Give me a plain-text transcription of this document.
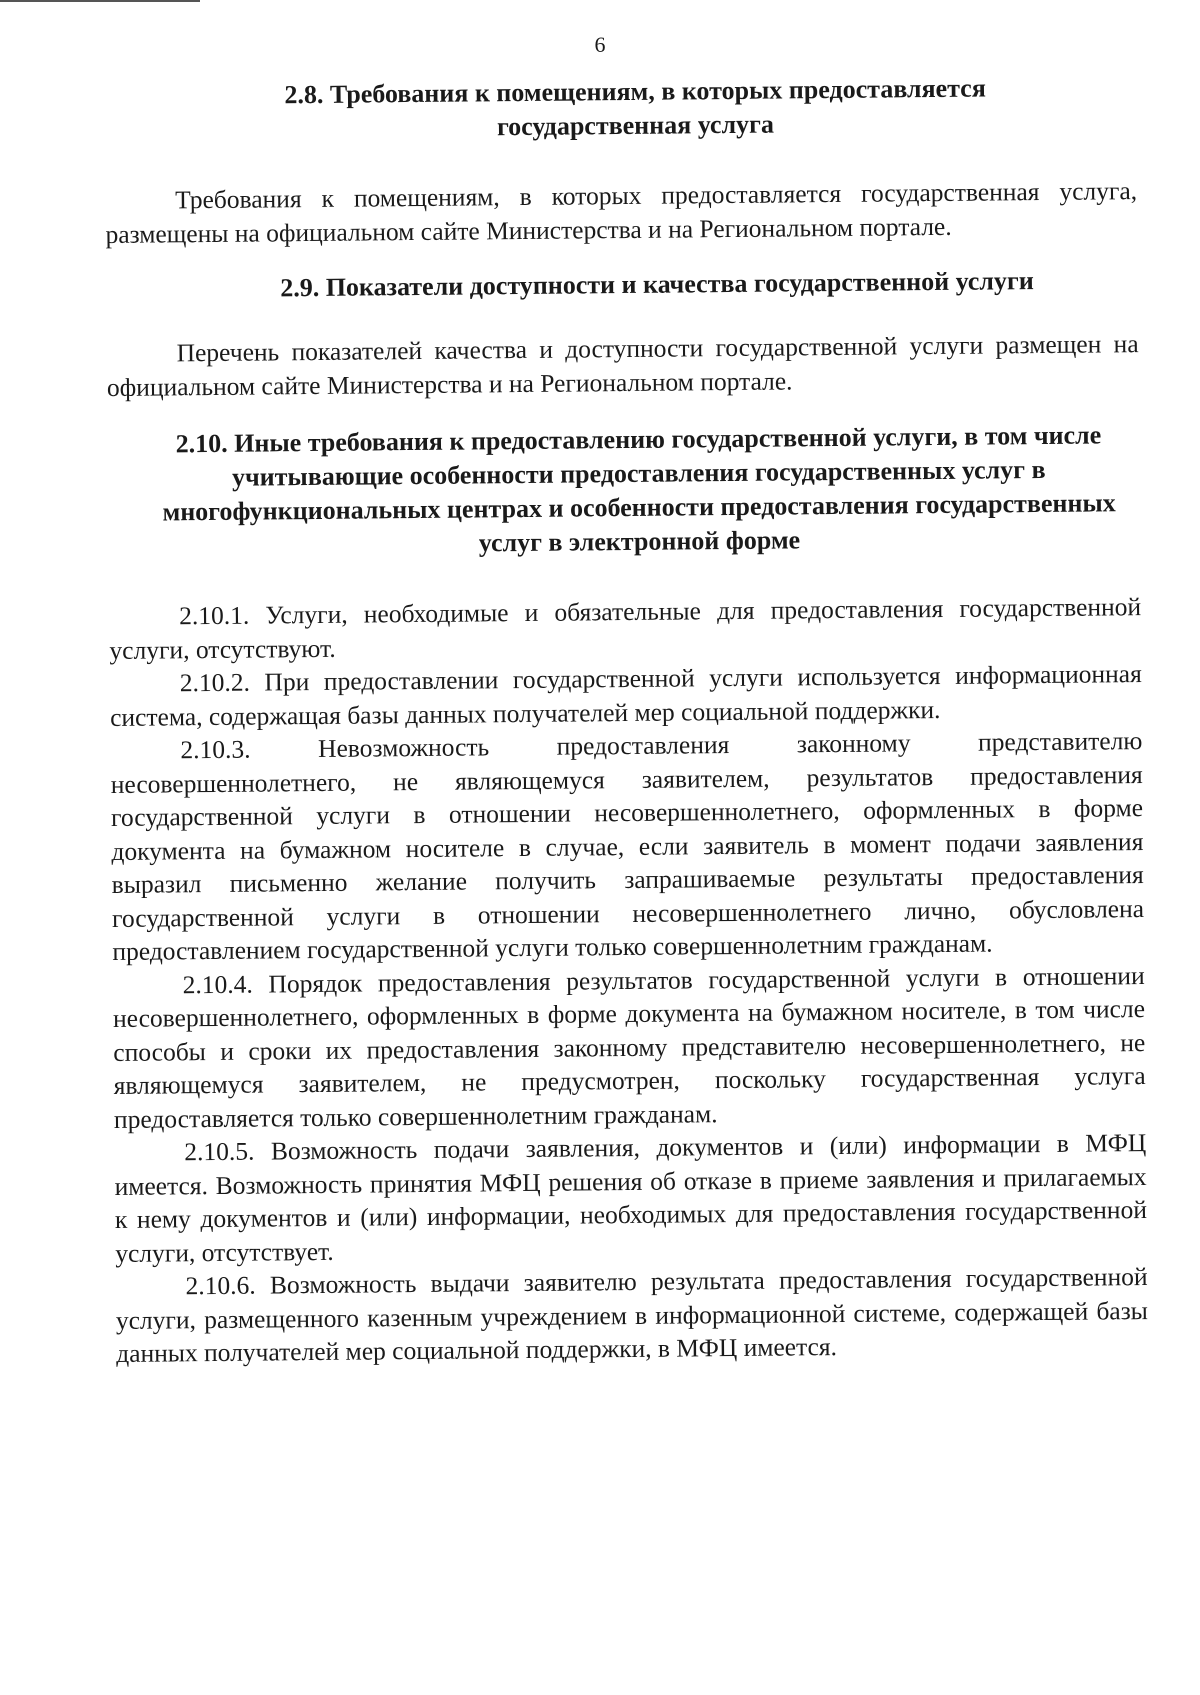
6
2.8. Требования к помещениям, в которых предоставляется государственная услуга

Требования к помещениям, в которых предоставляется государственная услуга, размещены на официальном сайте Министерства и на Региональном портале.

2.9. Показатели доступности и качества государственной услуги

Перечень показателей качества и доступности государственной услуги размещен на официальном сайте Министерства и на Региональном портале.

2.10. Иные требования к предоставлению государственной услуги, в том числе учитывающие особенности предоставления государственных услуг в многофункциональных центрах и особенности предоставления государственных услуг в электронной форме

2.10.1. Услуги, необходимые и обязательные для предоставления государственной услуги, отсутствуют.

2.10.2. При предоставлении государственной услуги используется информационная система, содержащая базы данных получателей мер социальной поддержки.

2.10.3. Невозможность предоставления законному представителю несовершеннолетнего, не являющемуся заявителем, результатов предоставления государственной услуги в отношении несовершеннолетнего, оформленных в форме документа на бумажном носителе в случае, если заявитель в момент подачи заявления выразил письменно желание получить запрашиваемые результаты предоставления государственной услуги в отношении несовершеннолетнего лично, обусловлена предоставлением государственной услуги только совершеннолетним гражданам.

2.10.4. Порядок предоставления результатов государственной услуги в отношении несовершеннолетнего, оформленных в форме документа на бумажном носителе, в том числе способы и сроки их предоставления законному представителю несовершеннолетнего, не являющемуся заявителем, не предусмотрен, поскольку государственная услуга предоставляется только совершеннолетним гражданам.

2.10.5. Возможность подачи заявления, документов и (или) информации в МФЦ имеется. Возможность принятия МФЦ решения об отказе в приеме заявления и прилагаемых к нему документов и (или) информации, необходимых для предоставления государственной услуги, отсутствует.

2.10.6. Возможность выдачи заявителю результата предоставления государственной услуги, размещенного казенным учреждением в информационной системе, содержащей базы данных получателей мер социальной поддержки, в МФЦ имеется.
